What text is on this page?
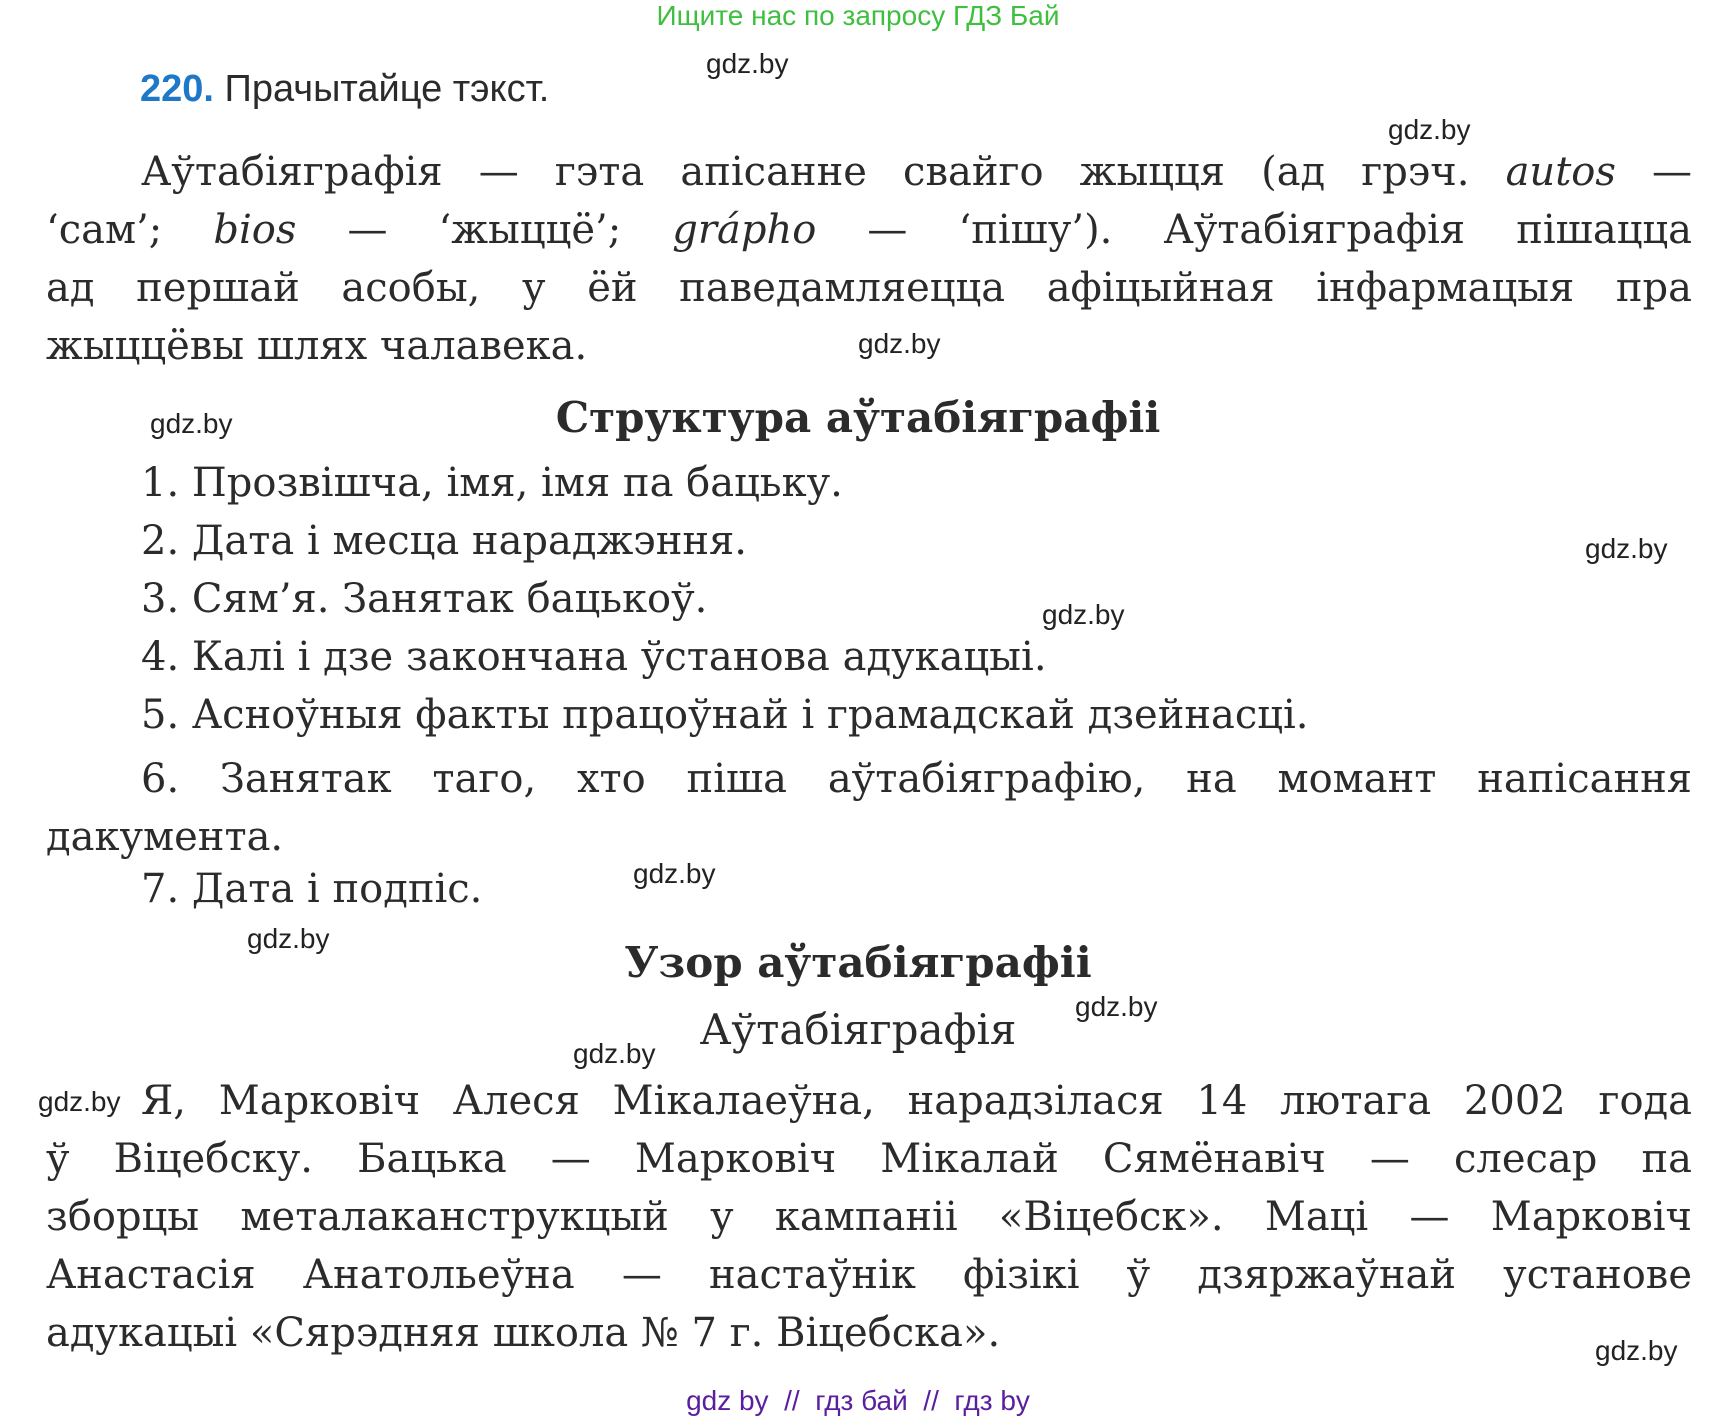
Ищите нас по запросу ГДЗ Бай
220. Прачытайце тэкст.
Аўтабіяграфія — гэта апісанне свайго жыцця (ад грэч. autos —
‘сам’; bios — ‘жыццё’; grápho — ‘пішу’). Аўтабіяграфія пішацца
ад першай асобы, у ёй паведамляецца афіцыйная інфармацыя пра
жыццёвы шлях чалавека.
Структура аўтабіяграфіі
1. Прозвішча, імя, імя па бацьку.
2. Дата і месца нараджэння.
3. Сям’я. Занятак бацькоў.
4. Калі і дзе закончана ўстанова адукацыі.
5. Асноўныя факты працоўнай і грамадскай дзейнасці.
6. Занятак таго, хто піша аўтабіяграфію, на момант напісання
дакумента.
7. Дата і подпіс.
Узор аўтабіяграфіі
Аўтабіяграфія
Я, Марковіч Алеся Мікалаеўна, нарадзілася 14 лютага 2002 года
ў Віцебску. Бацька — Марковіч Мікалай Сямёнавіч — слесар па
зборцы металаканструкцый у кампаніі «Віцебск». Маці — Марковіч
Анастасія Анатольеўна — настаўнік фізікі ў дзяржаўнай установе
адукацыі «Сярэдняя школа № 7 г. Віцебска».
gdz.by
gdz.by
gdz.by
gdz.by
gdz.by
gdz.by
gdz.by
gdz.by
gdz.by
gdz.by
gdz.by
gdz.by
gdz by  //  гдз бай  //  гдз by
